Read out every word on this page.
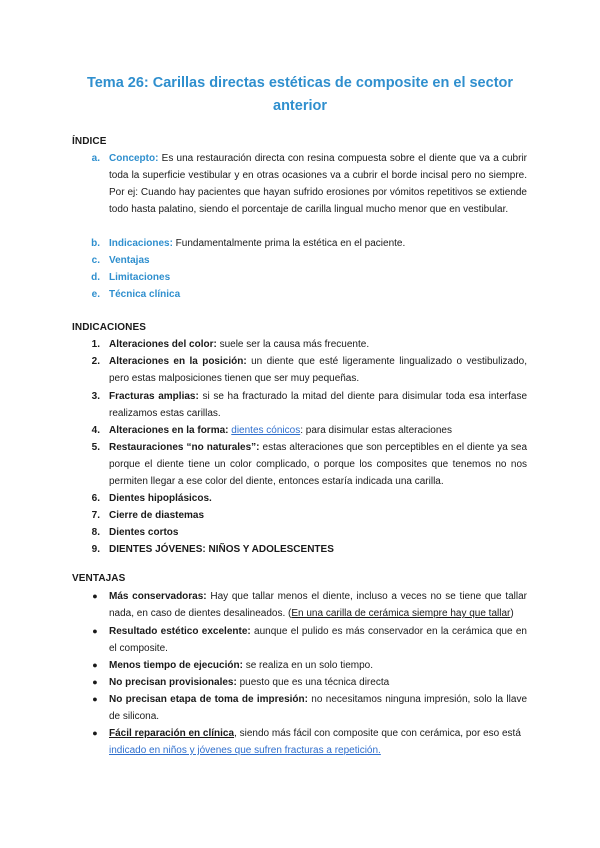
Tema 26: Carillas directas estéticas de composite en el sector anterior
ÍNDICE
a. Concepto: Es una restauración directa con resina compuesta sobre el diente que va a cubrir toda la superficie vestibular y en otras ocasiones va a cubrir el borde incisal pero no siempre. Por ej: Cuando hay pacientes que hayan sufrido erosiones por vómitos repetitivos se extiende todo hasta palatino, siendo el porcentaje de carilla lingual mucho menor que en vestibular.
b. Indicaciones: Fundamentalmente prima la estética en el paciente.
c. Ventajas
d. Limitaciones
e. Técnica clínica
INDICACIONES
1. Alteraciones del color: suele ser la causa más frecuente.
2. Alteraciones en la posición: un diente que esté ligeramente lingualizado o vestibulizado, pero estas malposiciones tienen que ser muy pequeñas.
3. Fracturas amplias: si se ha fracturado la mitad del diente para disimular toda esa interfase realizamos estas carillas.
4. Alteraciones en la forma: dientes cónicos: para disimular estas alteraciones
5. Restauraciones “no naturales”: estas alteraciones que son perceptibles en el diente ya sea porque el diente tiene un color complicado, o porque los composites que tenemos no nos permiten llegar a ese color del diente, entonces estaría indicada una carilla.
6. Dientes hipoplásicos.
7. Cierre de diastemas
8. Dientes cortos
9. DIENTES JÓVENES: NIÑOS Y ADOLESCENTES
VENTAJAS
●	Más conservadoras: Hay que tallar menos el diente, incluso a veces no se tiene que tallar nada, en caso de dientes desalineados. (En una carilla de cerámica siempre hay que tallar)
●	Resultado estético excelente: aunque el pulido es más conservador en la cerámica que en el composite.
●	Menos tiempo de ejecución: se realiza en un solo tiempo.
●	No precisan provisionales: puesto que es una técnica directa
●	No precisan etapa de toma de impresión: no necesitamos ninguna impresión, solo la llave de silicona.
●	Fácil reparación en clínica, siendo más fácil con composite que con cerámica, por eso está indicado en niños y jóvenes que sufren fracturas a repetición.
